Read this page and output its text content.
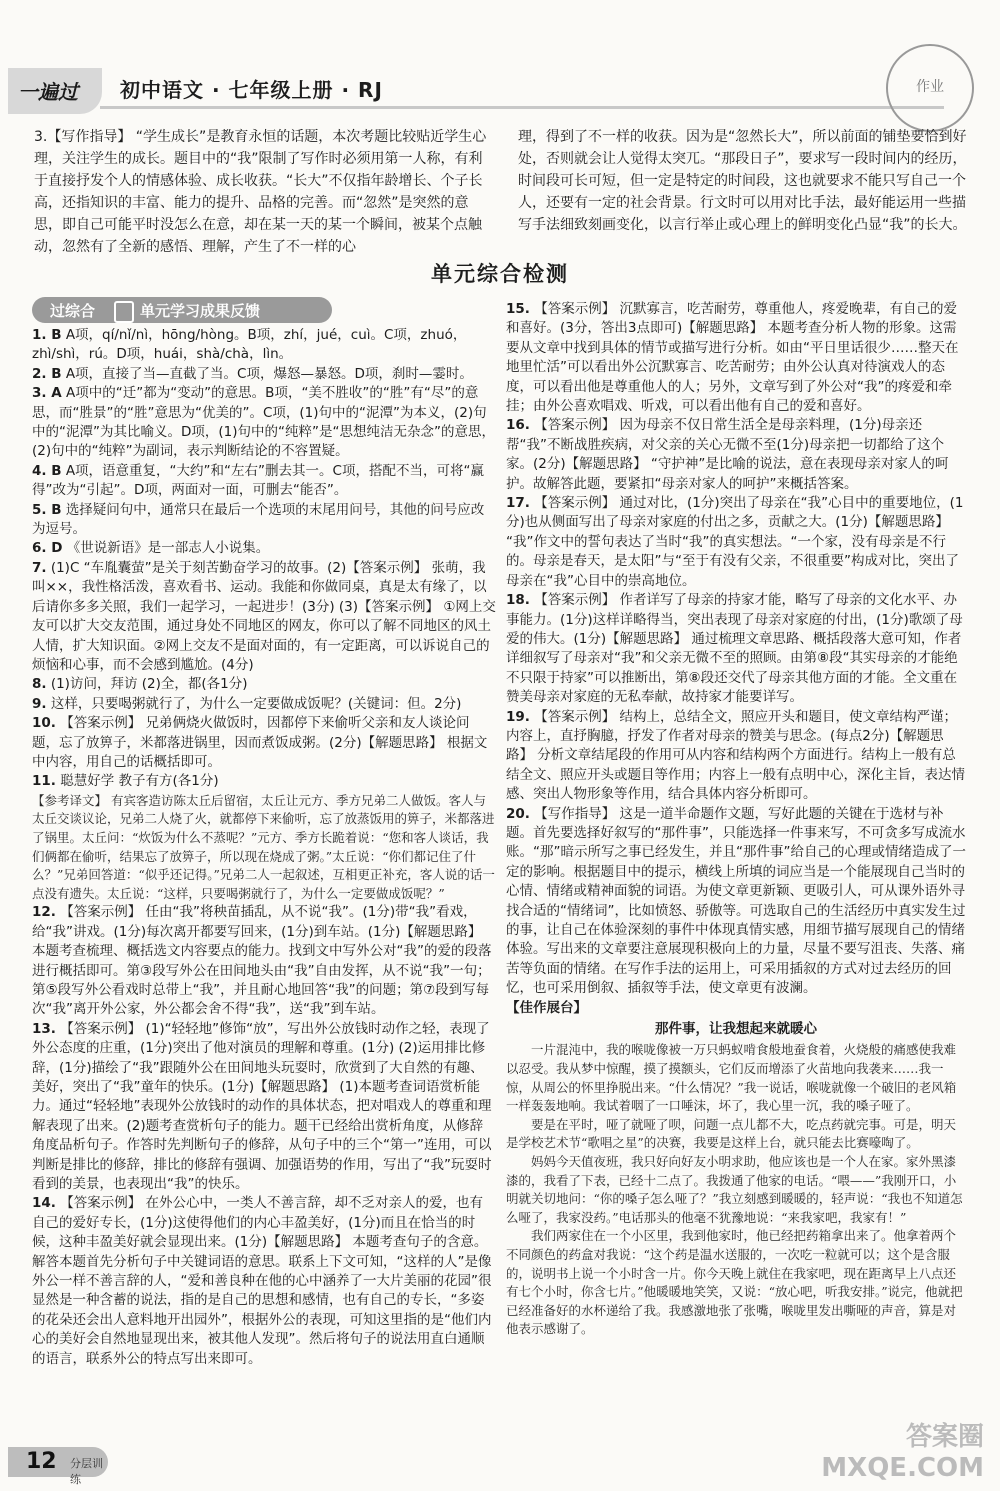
一遍过 初中语文 · 七年级上册 · RJ	作业
3.【写作指导】 “学生成长”是教育永恒的话题，本次考题比较贴近学生心理，关注学生的成长。题目中的“我”限制了写作时必须用第一人称，有利于直接抒发个人的情感体验、成长收获。“长大”不仅指年龄增长、个子长高，还指知识的丰富、能力的提升、品格的完善。而“忽然”是突然的意思，即自己可能平时没怎么在意，却在某一天的某一个瞬间，被某个点触动，忽然有了全新的感悟、理解，产生了不一样的心
理，得到了不一样的收获。因为是“忽然长大”，所以前面的铺垫要恰到好处，否则就会让人觉得太突兀。“那段日子”，要求写一段时间内的经历，时间段可长可短，但一定是特定的时间段，这也就要求不能只写自己一个人，还要有一定的社会背景。行文时可以用对比手法，最好能运用一些描写手法细致刻画变化，以言行举止或心理上的鲜明变化凸显“我”的长大。
单元综合检测
过综合	单元学习成果反馈
1. B A项，qí/nǐ/nì，hōng/hòng。B项，zhí，jué，cuì。C项，zhuó，zhì/shì，rú。D项，huái，shà/chà，lìn。
2. B A项，直接了当—直截了当。C项，爆怒—暴怒。D项，刹时—霎时。
3. A A项中的“迁”都为“变动”的意思。B项，“美不胜收”的“胜”有“尽”的意思，而“胜景”的“胜”意思为“优美的”。C项，(1)句中的“泥潭”为本义，(2)句中的“泥潭”为其比喻义。D项，(1)句中的“纯粹”是“思想纯洁无杂念”的意思，(2)句中的“纯粹”为副词，表示判断结论的不容置疑。
4. B A项，语意重复，“大约”和“左右”删去其一。C项，搭配不当，可将“赢得”改为“引起”。D项，两面对一面，可删去“能否”。
5. B 选择疑问句中，通常只在最后一个选项的末尾用问号，其他的问号应改为逗号。
6. D 《世说新语》是一部志人小说集。
7. (1)C “车胤囊萤”是关于刻苦勤奋学习的故事。(2)【答案示例】 张萌，我叫××，我性格活泼，喜欢看书、运动。我能和你做同桌，真是太有缘了，以后请你多多关照，我们一起学习，一起进步！(3分) (3)【答案示例】 ①网上交友可以扩大交友范围，通过身处不同地区的网友，你可以了解不同地区的风土人情，扩大知识面。②网上交友不是面对面的，有一定距离，可以诉说自己的烦恼和心事，而不会感到尴尬。(4分)
8. (1)访问，拜访 (2)全，都(各1分)
9. 这样，只要喝粥就行了，为什么一定要做成饭呢？(关键词：但。2分)
10. 【答案示例】 兄弟俩烧火做饭时，因都停下来偷听父亲和友人谈论问题，忘了放箅子，米都落进锅里，因而煮饭成粥。(2分)【解题思路】 根据文中内容，用自己的话概括即可。
11. 聪慧好学 教子有方(各1分)
【参考译文】 有宾客造访陈太丘后留宿，太丘让元方、季方兄弟二人做饭。客人与太丘交谈议论，兄弟二人烧了火，就都停下来偷听，忘了放蒸饭用的箅子，米都落进了锅里。太丘问：“炊饭为什么不蒸呢？”元方、季方长跪着说：“您和客人谈话，我们俩都在偷听，结果忘了放箅子，所以现在烧成了粥。”太丘说：“你们都记住了什么？”兄弟回答道：“似乎还记得。”兄弟二人一起叙述，互相更正补充，客人说的话一点没有遗失。太丘说：“这样，只要喝粥就行了，为什么一定要做成饭呢？”
12. 【答案示例】 任由“我”将秧苗插乱，从不说“我”。(1分)带“我”看戏，给“我”讲戏。(1分)每次离开都要写回来，(1分)到车站。(1分)【解题思路】 本题考查梳理、概括选文内容要点的能力。找到文中写外公对“我”的爱的段落进行概括即可。第③段写外公在田间地头由“我”自由发挥，从不说“我”一句；第⑤段写外公看戏时总带上“我”，并且耐心地回答“我”的问题；第⑦段到写每次“我”离开外公家，外公都会舍不得“我”，送“我”到车站。
13. 【答案示例】 (1)“轻轻地”修饰“放”，写出外公放钱时动作之轻，表现了外公态度的庄重，(1分)突出了他对演员的理解和尊重。(1分) (2)运用排比修辞，(1分)描绘了“我”跟随外公在田间地头玩耍时，欣赏到了大自然的有趣、美好，突出了“我”童年的快乐。(1分)【解题思路】 (1)本题考查词语赏析能力。通过“轻轻地”表现外公放钱时的动作的具体状态，把对唱戏人的尊重和理解表现了出来。(2)题考查赏析句子的能力。题干已经给出赏析角度，从修辞角度品析句子。作答时先判断句子的修辞，从句子中的三个“第一”连用，可以判断是排比的修辞，排比的修辞有强调、加强语势的作用，写出了“我”玩耍时看到的美景，也表现出“我”的快乐。
14. 【答案示例】 在外公心中，一类人不善言辞，却不乏对亲人的爱，也有自己的爱好专长，(1分)这使得他们的内心丰盈美好，(1分)而且在恰当的时候，这种丰盈美好就会显现出来。(1分)【解题思路】 本题考查句子的含意。解答本题首先分析句子中关键词语的意思。联系上下文可知，“这样的人”是像外公一样不善言辞的人，“爱和善良种在他的心中涵养了一大片美丽的花园”很显然是一种含蓄的说法，指的是自己的思想和感情，也有自己的专长，“多姿的花朵还会出人意料地开出园外”，根据外公的表现，可知这里指的是“他们内心的美好会自然地显现出来，被其他人发现”。然后将句子的说法用直白通顺的语言，联系外公的特点写出来即可。
15. 【答案示例】 沉默寡言，吃苦耐劳，尊重他人，疼爱晚辈，有自己的爱和喜好。(3分，答出3点即可)【解题思路】 本题考查分析人物的形象。这需要从文章中找到具体的情节或描写进行分析。如由“平日里话很少……整天在地里忙活”可以看出外公沉默寡言、吃苦耐劳；由外公认真对待演戏人的态度，可以看出他是尊重他人的人；另外，文章写到了外公对“我”的疼爱和牵挂；由外公喜欢唱戏、听戏，可以看出他有自己的爱和喜好。
16. 【答案示例】 因为母亲不仅日常生活全是母亲料理，(1分)母亲还帮“我”不断战胜疾病，对父亲的关心无微不至(1分)母亲把一切都给了这个家。(2分)【解题思路】 “守护神”是比喻的说法，意在表现母亲对家人的呵护。故解答此题，要紧扣“母亲对家人的呵护”来概括答案。
17. 【答案示例】 通过对比，(1分)突出了母亲在“我”心目中的重要地位，(1分)也从侧面写出了母亲对家庭的付出之多，贡献之大。(1分)【解题思路】 “我”作文中的誓句表达了当时“我”的真实想法。“一个家，没有母亲是不行的。母亲是春天，是太阳”与“至于有没有父亲，不很重要”构成对比，突出了母亲在“我”心目中的崇高地位。
18. 【答案示例】 作者详写了母亲的持家才能，略写了母亲的文化水平、办事能力。(1分)这样详略得当，突出表现了母亲对家庭的付出，(1分)歌颂了母爱的伟大。(1分)【解题思路】 通过梳理文章思路、概括段落大意可知，作者详细叙写了母亲对“我”和父亲无微不至的照顾。由第⑧段“其实母亲的才能绝不只限于持家”可以推断出，第⑧段还交代了母亲其他方面的才能。全文重在赞美母亲对家庭的无私奉献，故持家才能要详写。
19. 【答案示例】 结构上，总结全文，照应开头和题目，使文章结构严谨；内容上，直抒胸臆，抒发了作者对母亲的赞美与思念。(每点2分)【解题思路】 分析文章结尾段的作用可从内容和结构两个方面进行。结构上一般有总结全文、照应开头或题目等作用；内容上一般有点明中心，深化主旨，表达情感、突出人物形象等作用，结合具体内容分析即可。
20. 【写作指导】 这是一道半命题作文题，写好此题的关键在于选材与补题。首先要选择好叙写的“那件事”，只能选择一件事来写，不可贪多写成流水账。“那”暗示所写之事已经发生，并且“那件事”给自己的心理或情绪造成了一定的影响。根据题目中的提示，横线上所填的词应当是一个能展现自己当时的心情、情绪或精神面貌的词语。为使文章更新颖、更吸引人，可从课外语外寻找合适的“情绪词”，比如愤怒、骄傲等。可选取自己的生活经历中真实发生过的事，让自己在体验深刻的事件中体现真情实感，用细节描写展现自己的情绪体验。写出来的文章要注意展现积极向上的力量，尽量不要写沮丧、失落、痛苦等负面的情绪。在写作手法的运用上，可采用插叙的方式对过去经历的回忆，也可采用倒叙、插叙等手法，使文章更有波澜。
【佳作展台】
那件事，让我想起来就暖心
一片混沌中，我的喉咙像被一万只蚂蚁啃食般地蚕食着，火烧般的痛感使我难以忍受。我从梦中惊醒，摸了摸额头，它们反而增添了火苗地向我袭来……我一惊，从周公的怀里挣脱出来。“什么情况？”我一说话，喉咙就像一个破旧的老风箱一样轰轰地响。我试着咽了一口唾沫，坏了，我心里一沉，我的嗓子哑了。
要是在平时，哑了就哑了呗，问题一点儿都不大，吃点药就完事。可是，明天是学校艺术节“歌唱之星”的决赛，我要是这样上台，就只能去比赛嚎啕了。
妈妈今天值夜班，我只好向好友小明求助，他应该也是一个人在家。家外黑漆漆的，我看了下表，已经十二点了。我拨通了他家的电话。“喂——”我刚开口，小明就关切地问：“你的嗓子怎么哑了？”我立刻感到暖暖的，轻声说：“我也不知道怎么哑了，我家没药。”电话那头的他毫不犹豫地说：“来我家吧，我家有！”
我们两家住在一个小区里，我到他家时，他已经把药箱拿出来了。他拿着两个不同颜色的药盒对我说：“这个药是温水送服的，一次吃一粒就可以；这个是含服的，说明书上说一个小时含一片。你今天晚上就住在我家吧，现在距离早上八点还有七个小时，你含七片。”他暖暖地笑笑，又说：“放心吧，听我安排。”说完，他就把已经准备好的水杯递给了我。我感激地张了张嘴，喉咙里发出嘶哑的声音，算是对他表示感谢了。
12 分层训练
答案圈 MXQE.COM
